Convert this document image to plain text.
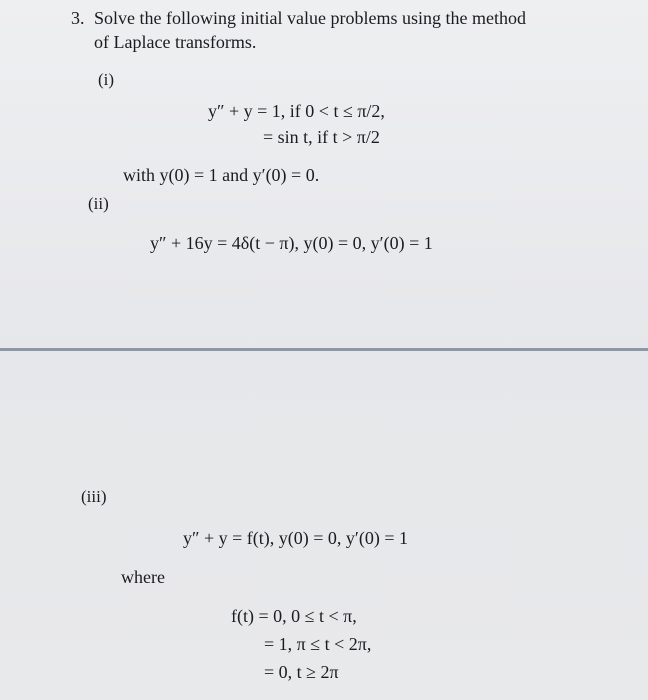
3. Solve the following initial value problems using the method
of Laplace transforms.
(i)
y″ + y = 1, if 0 < t ≤ π/2,
= sin t, if t > π/2
with y(0) = 1 and y′(0) = 0.
(ii)
y″ + 16y = 4δ(t − π), y(0) = 0, y′(0) = 1
(iii)
y″ + y = f(t), y(0) = 0, y′(0) = 1
where
f(t) = 0, 0 ≤ t < π,
= 1, π ≤ t < 2π,
= 0, t ≥ 2π
